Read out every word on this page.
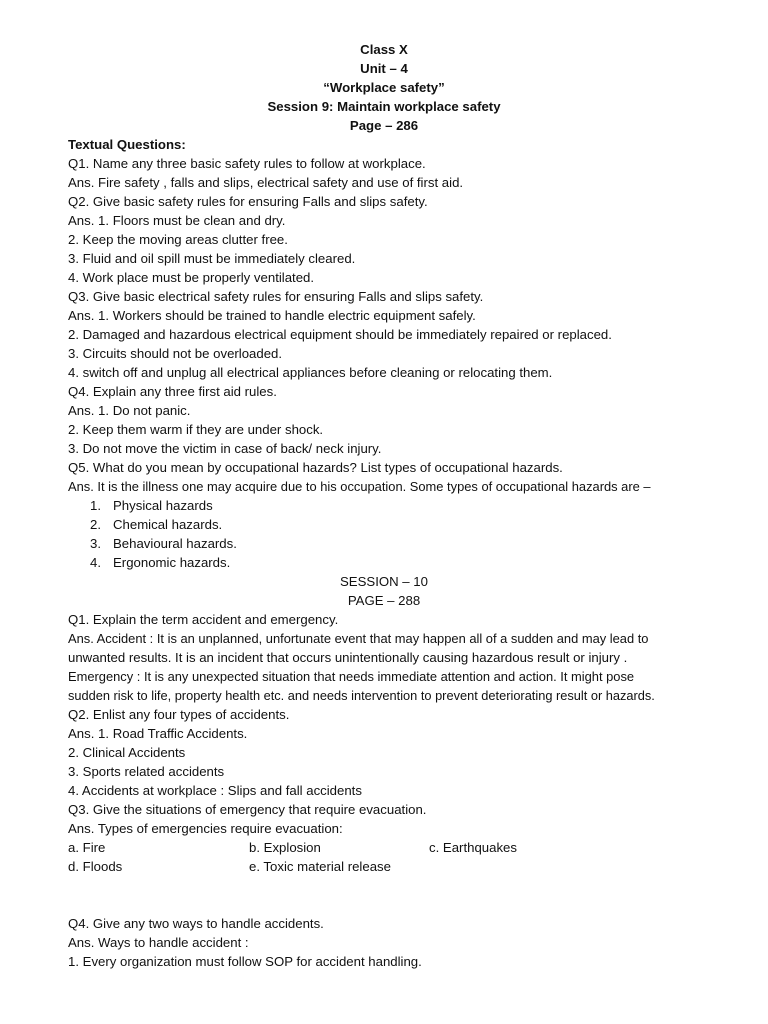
Class X
Unit – 4
“Workplace safety”
Session 9: Maintain workplace safety
Page – 286
Textual Questions:
Q1. Name any three basic safety rules to follow at workplace.
Ans. Fire safety , falls and slips, electrical safety and use of first aid.
Q2. Give basic safety rules for ensuring Falls and slips safety.
Ans. 1. Floors must be clean and dry.
2. Keep the moving areas clutter free.
3. Fluid and oil spill must be immediately cleared.
4. Work place must be properly ventilated.
Q3. Give basic electrical safety rules for ensuring Falls and slips safety.
Ans. 1. Workers should be trained to handle electric equipment safely.
2. Damaged and hazardous electrical equipment should be immediately repaired or replaced.
3. Circuits should not be overloaded.
4. switch off and unplug all electrical appliances before cleaning or relocating them.
Q4. Explain any three first aid rules.
Ans. 1. Do not panic.
2. Keep them warm if they are under shock.
3. Do not move the victim in case of back/ neck injury.
Q5. What do you mean by occupational hazards? List types of occupational hazards.
Ans. It is the illness one may acquire due to his occupation. Some types of occupational hazards are –
1. Physical hazards
2. Chemical hazards.
3. Behavioural hazards.
4. Ergonomic hazards.
SESSION – 10
PAGE – 288
Q1. Explain the term accident and emergency.
Ans. Accident : It is an unplanned, unfortunate event that may happen all of a sudden and may lead to
unwanted results. It is an incident that occurs unintentionally causing hazardous result or injury .
Emergency : It is any unexpected situation that needs immediate attention and action. It might pose
sudden risk to life, property health etc. and needs intervention to prevent deteriorating result or hazards.
Q2. Enlist any four types of accidents.
Ans. 1. Road Traffic Accidents.
2. Clinical Accidents
3. Sports related accidents
4. Accidents at workplace : Slips and fall accidents
Q3. Give the situations of emergency that require evacuation.
Ans. Types of emergencies require evacuation:
a. Fire	b. Explosion	c. Earthquakes
d. Floods	e. Toxic material release
Q4. Give any two ways to handle accidents.
Ans. Ways to handle accident :
1. Every organization must follow SOP for accident handling.
